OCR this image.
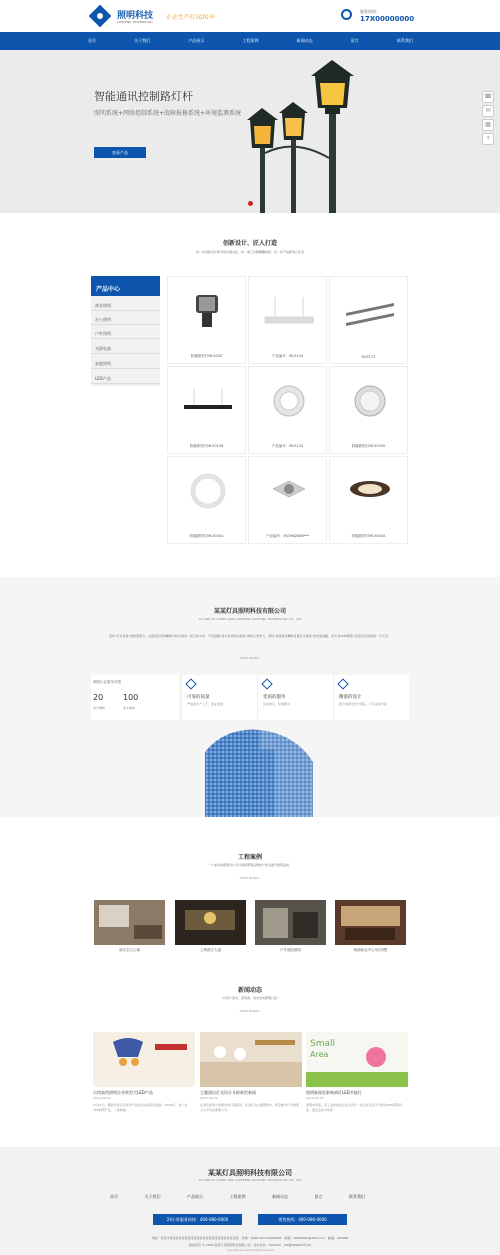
照明科技
LIGHTING TECHNOLOGY
专业生产灯具20年
服务热线：
17X00000000
首页	关于我们	产品展示	工程案例	新闻动态	留言	联系我们
智能通讯控制路灯杆
照明系统+网络控制系统+故障报修系统+环境监测系统
查看产品
☎
✉
▦
↑
创新设计、匠人打造
每一次创新设计都考虑中国文化，每一道工序都精雕细琢，每一件产品都用心匠造
产品中心
商业照明
办公照明
户外照明
光源电器
家庭照明
LED产品
防爆筒型灯ML5020	产品编号：ML5154	ML5172
防爆筒型灯ML50158	产品编号：ML5120	防爆筒型灯ML50200
防爆筒型灯ML5045A	产品编号：ML5MJ2886***	防爆筒型灯ML5045A
某某灯具照明科技有限公司
XX AND XX LAMPS AND LANTERNS LIGHTING TECHNOLOGY CO., LTD
坚持“灯光优美”的经营理念，以高度负责的精神与时代同步一起合作共求。不仅把握“客户需求的完美性”的核心竞争力，坚持“持续追求精致可靠安全高效”的发展战略，在专业LED照明行业里走出独特的一片天空。
READ MORE+
照明行业服务年限
20
多个城市
100
多个城市
可靠的质量
严格的生产工艺，保证质量
优质的服务
及时响应，快速解决
精湛的设计
强大的研发设计团队，打造完美方案
工程案例
一个成功的照明设计可以展现照明品牌的个性及提升建筑品质。
READ MORE+
南京芯云公寓	上海滨江大道	户外庭院照明	杨浦商业中心3区别墅
新闻动态
“以用户需求，获利润，创未来的照明行业”
READ MORE+
台湾高档照明企业转型大LED产品
2019-09-19
5月11日，鹏展中等有着优秀产品的企业投资者提到：2016年，在广东LED照明产品，...新闻稿...
主题酒店灯光设计开辟新型新闻
2019-09-19
在酒店照明方案要求的灯具都是，在酒店为主题照明中，都会要求灯光要照人们平时的照明方式...
Small
Area
照明新闻室影响到灯LED节能灯
2019-09-19
照明市场里，有工业经验的企业为设计一些企业有用于节能的LED照明设备，最后会在市场里...
某某灯具照明科技有限公司
XX AND XX LAMPS AND LANTERNS LIGHTING TECHNOLOGY CO., LTD
首页	关于我们	产品展示	工程案例	新闻动态	留言	联系我们
24小时服务热线：400-080-0000	销售热线：400-080-0000
地址：某某市某某某某某某某某某某某某某某某某某某某某某某某　传真：0000-000-00000000　邮箱：00000000@163.com　邮编：000000
版权所有 © 2020 某某灯具照明科技有限公司　技术支持：XXXXXX　ICP备000000号-00
Copyright yourname.dhlight.reserved
